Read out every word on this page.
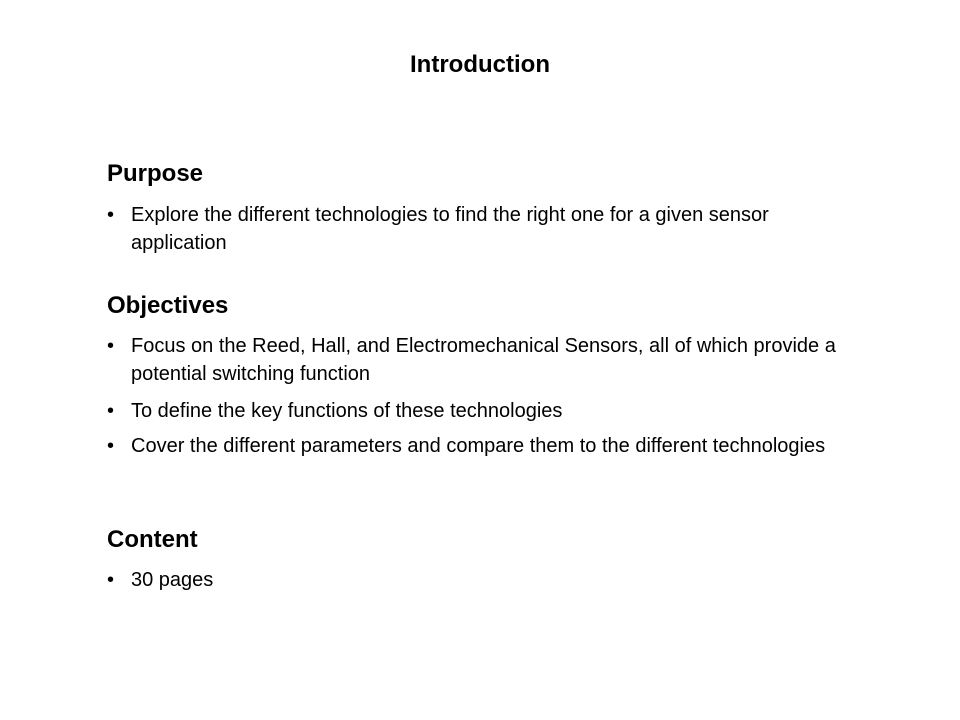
Introduction
Purpose
• Explore the different technologies to find the right one for a given sensor application
Objectives
• Focus on the Reed, Hall, and Electromechanical Sensors, all of which provide a potential switching function
• To define the key functions of these technologies
• Cover the different parameters and compare them to the different technologies
Content
• 30 pages
